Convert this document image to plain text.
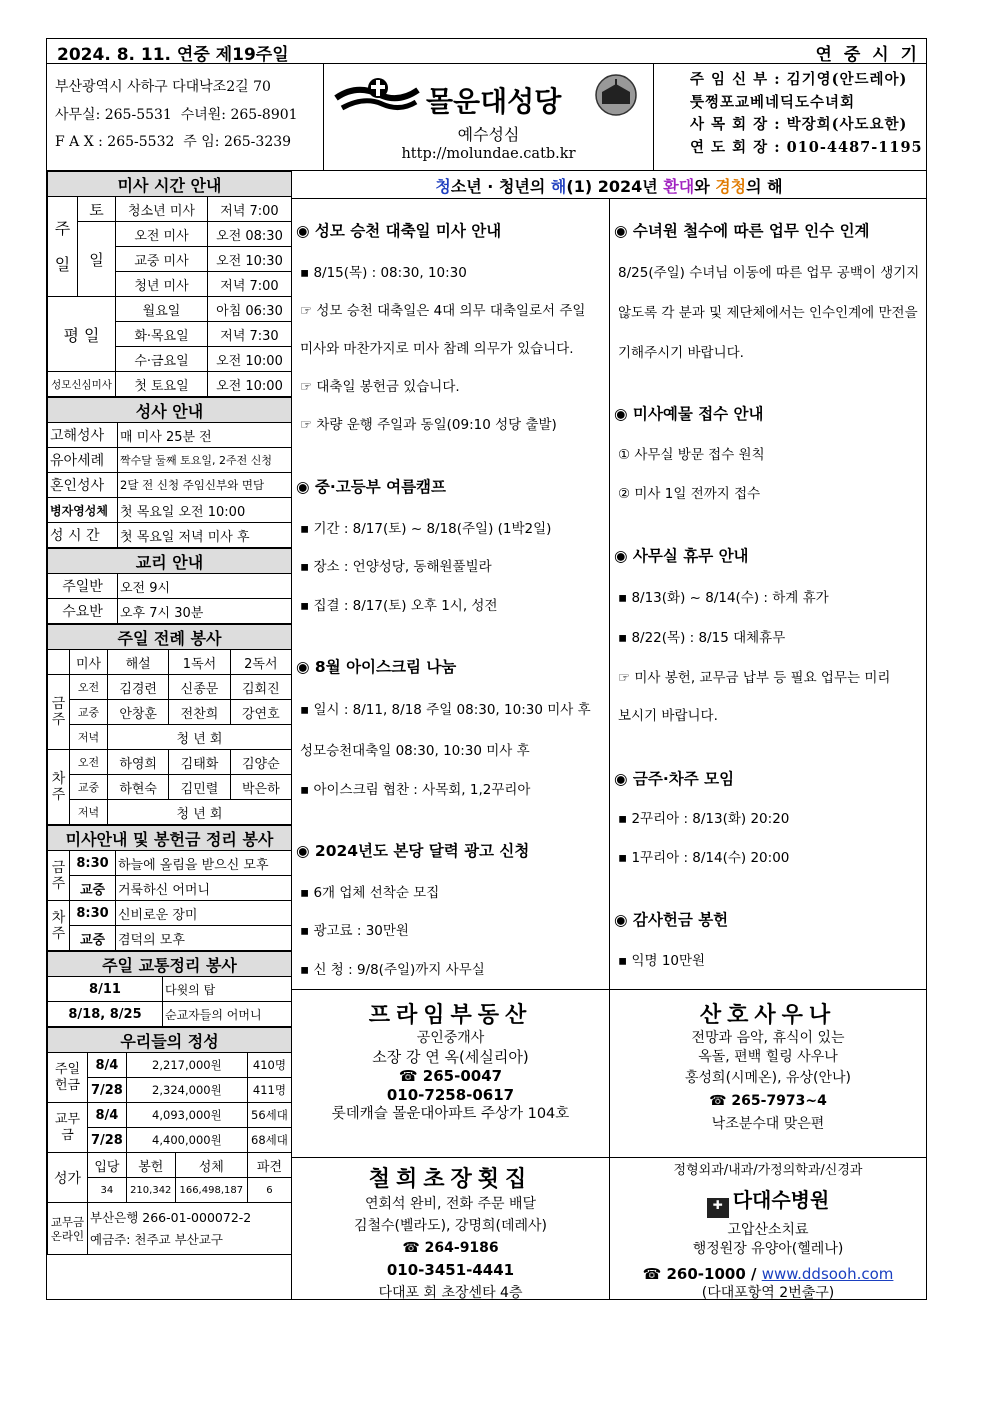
2024. 8. 11. 연중 제19주일	연 중 시 기
부산광역시 사하구 다대낙조2길 70
사무실: 265-5531 수녀원: 265-8901
F A X : 265-5532 주 임: 265-3239
몰운대성당
예수성심
http://molundae.catb.kr
주 임 신 부 : 김기영(안드레아)
툿쩡포교베네딕도수녀회
사 목 회 장 : 박장희(사도요한)
연 도 회 장 : 010-4487-1195
미사 시간 안내			
주
일	토	청소년 미사	저녁 7:00
	일	오전 미사	오전 08:30
		교중 미사	오전 10:30
		청년 미사	저녁 7:00
평 일		월요일	아침 06:30
		화·목요일	저녁 7:30
		수·금요일	오전 10:00
성모신심미사		첫 토요일	오전 10:00
성사 안내	
고해성사	매 미사 25분 전
유아세례	짝수달 둘째 토요일, 2주전 신청
혼인성사	2달 전 신청 주임신부와 면담
병자영성체	첫 목요일 오전 10:00
성 시 간	첫 목요일 저녁 미사 후
교리 안내	
주일반	오전 9시
수요반	오후 7시 30분
주일 전례 봉사				
	미사	해설	1독서	2독서
금주	오전	김경련	신종문	김회진
	교중	안창훈	전찬희	강연호
	저녁	청 년 회		
차주	오전	하영희	김태화	김양순
	교중	하현숙	김민렬	박은하
	저녁	청 년 회		
미사안내 및 봉헌금 정리 봉사		
금주	8:30	하늘에 올림을 받으신 모후
	교중	거룩하신 어머니
차주	8:30	신비로운 장미
	교중	겸덕의 모후
주일 교통정리 봉사	
8/11	다윗의 탑
8/18, 8/25	순교자들의 어머니
우리들의 정성				
주일헌금	8/4	2,217,000원		410명
	7/28	2,324,000원		411명
교무금	8/4	4,093,000원		56세대
	7/28	4,400,000원		68세대
성가	입당	봉헌	성체	파견
	34	210,342	166,498,187	6
교무금온라인	부산은행 266-01-000072-2
예금주: 천주교 부산교구			
청소년 · 청년의 해(1) 2024년 환대와 경청의 해
◉ 성모 승천 대축일 미사 안내
▪ 8/15(목) : 08:30, 10:30
☞ 성모 승천 대축일은 4대 의무 대축일로서 주일
미사와 마찬가지로 미사 참례 의무가 있습니다.
☞ 대축일 봉헌금 있습니다.
☞ 차량 운행 주일과 동일(09:10 성당 출발)
◉ 중·고등부 여름캠프
▪ 기간 : 8/17(토) ~ 8/18(주일) (1박2일)
▪ 장소 : 언양성당, 동해원풀빌라
▪ 집결 : 8/17(토) 오후 1시, 성전
◉ 8월 아이스크림 나눔
▪ 일시 : 8/11, 8/18 주일 08:30, 10:30 미사 후
성모승천대축일 08:30, 10:30 미사 후
▪ 아이스크림 협찬 : 사목회, 1,2꾸리아
◉ 2024년도 본당 달력 광고 신청
▪ 6개 업체 선착순 모집
▪ 광고료 : 30만원
▪ 신 청 : 9/8(주일)까지 사무실
◉ 수녀원 철수에 따른 업무 인수 인계
8/25(주일) 수녀님 이동에 따른 업무 공백이 생기지
않도록 각 분과 및 제단체에서는 인수인계에 만전을
기해주시기 바랍니다.
◉ 미사예물 접수 안내
① 사무실 방문 접수 원칙
② 미사 1일 전까지 접수
◉ 사무실 휴무 안내
▪ 8/13(화) ~ 8/14(수) : 하계 휴가
▪ 8/22(목) : 8/15 대체휴무
☞ 미사 봉헌, 교무금 납부 등 필요 업무는 미리
보시기 바랍니다.
◉ 금주·차주 모임
▪ 2꾸리아 : 8/13(화) 20:20
▪ 1꾸리아 : 8/14(수) 20:00
◉ 감사헌금 봉헌
▪ 익명 10만원
프라임부동산
공인중개사
소장 강 연 옥(세실리아)
☎ 265-0047
010-7258-0617
롯데캐슬 몰운대아파트 주상가 104호
산호사우나
전망과 음악, 휴식이 있는
옥돌, 편백 힐링 사우나
홍성희(시메온), 유상(안나)
☎ 265-7973~4
낙조분수대 맞은편
철희초장횟집
연회석 완비, 전화 주문 배달
김철수(벨라도), 강명희(데레사)
☎ 264-9186
010-3451-4441
다대포 회 초장센타 4층
정형외과/내과/가정의학과/신경과
✚ 다대수병원
고압산소치료
행정원장 유양아(헬레나)
☎ 260-1000 / www.ddsooh.com
(다대포항역 2번출구)
